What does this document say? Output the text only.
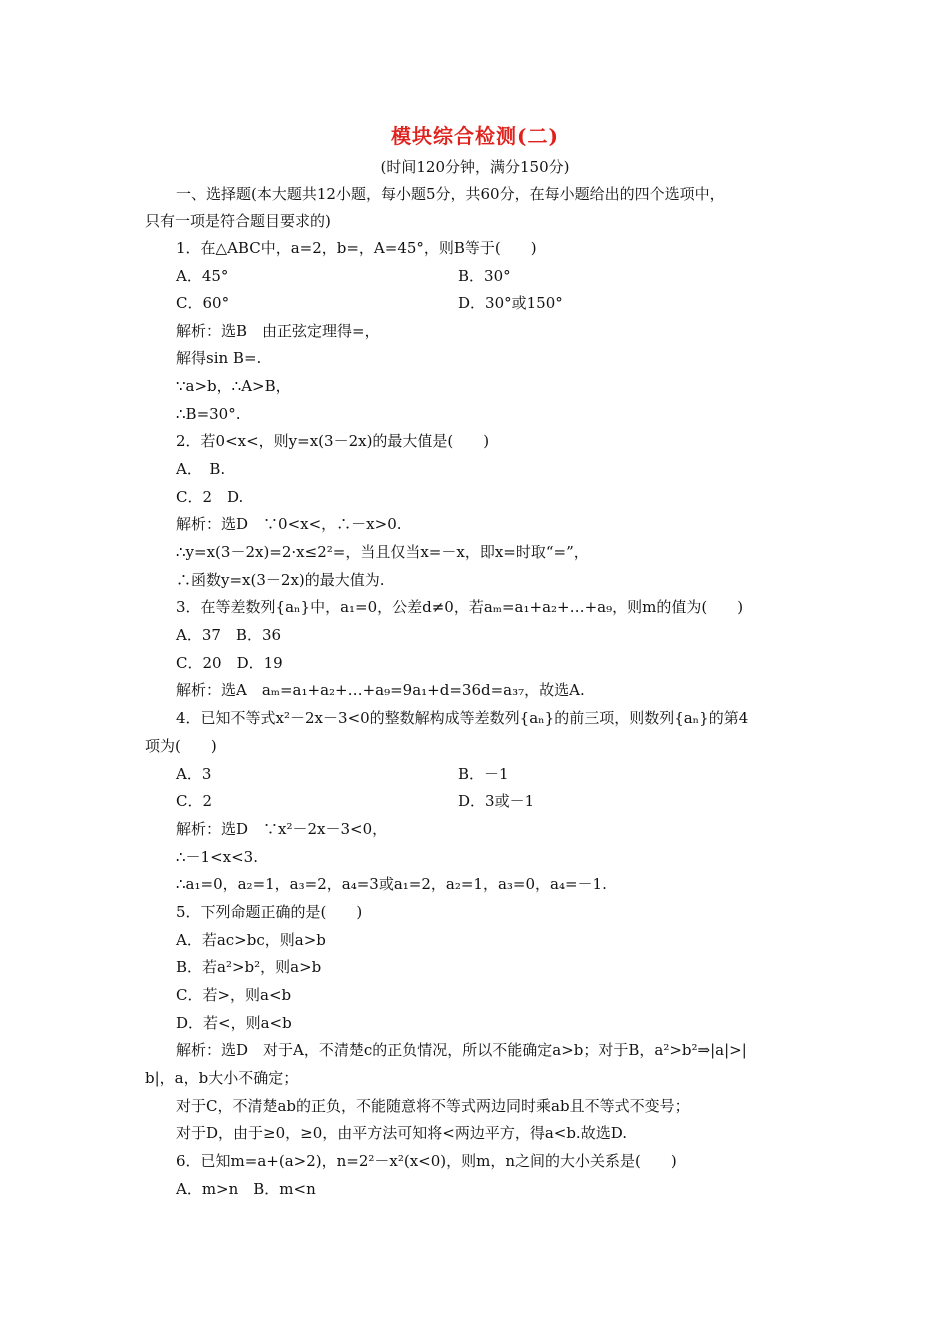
模块综合检测(二)
(时间120分钟，满分150分)
一、选择题(本大题共12小题，每小题5分，共60分，在每小题给出的四个选项中，
只有一项是符合题目要求的)
1．在△ABC中，a=2，b=，A=45°，则B等于(　　)
A．45°	B．30°
C．60°	D．30°或150°
解析：选B　由正弦定理得=，
解得sin B=.
∵a>b，∴A>B，
∴B=30°.
2．若0<x<，则y=x(3－2x)的最大值是(　　)
A．　B.
C．2　D.
解析：选D　∵0<x<，∴－x>0.
∴y=x(3－2x)=2·x≤2²=，当且仅当x=－x，即x=时取“=”，
∴函数y=x(3－2x)的最大值为.
3．在等差数列{aₙ}中，a₁=0，公差d≠0，若aₘ=a₁+a₂+…+a₉，则m的值为(　　)
A．37　B．36
C．20　D．19
解析：选A　aₘ=a₁+a₂+…+a₉=9a₁+d=36d=a₃₇，故选A.
4．已知不等式x²－2x－3<0的整数解构成等差数列{aₙ}的前三项，则数列{aₙ}的第4
项为(　　)
A．3	B．－1
C．2	D．3或－1
解析：选D　∵x²－2x－3<0，
∴－1<x<3.
∴a₁=0，a₂=1，a₃=2，a₄=3或a₁=2，a₂=1，a₃=0，a₄=－1.
5．下列命题正确的是(　　)
A．若ac>bc，则a>b
B．若a²>b²，则a>b
C．若>，则a<b
D．若<，则a<b
解析：选D　对于A，不清楚c的正负情况，所以不能确定a>b；对于B，a²>b²⇒|a|>|
b|，a，b大小不确定；
对于C，不清楚ab的正负，不能随意将不等式两边同时乘ab且不等式不变号；
对于D，由于≥0，≥0，由平方法可知将<两边平方，得a<b.故选D.
6．已知m=a+(a>2)，n=2²－x²(x<0)，则m，n之间的大小关系是(　　)
A．m>n　B．m<n
